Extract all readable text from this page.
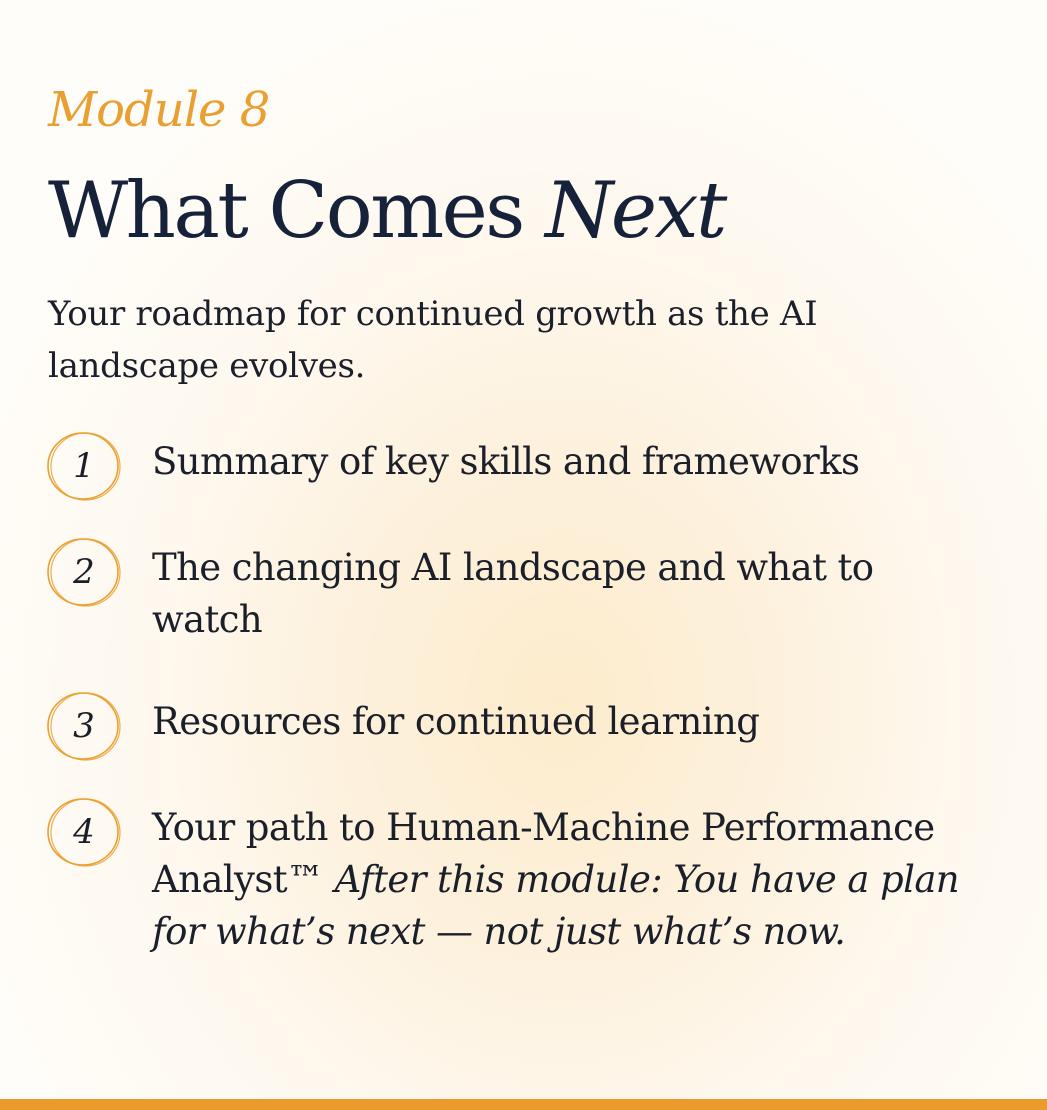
Module 8
What Comes Next

Your roadmap for continued growth as the AI landscape evolves.

1	Summary of key skills and frameworks

2	The changing AI landscape and what to watch

3	Resources for continued learning

4	Your path to Human-Machine Performance Analyst™ After this module: You have a plan for what’s next — not just what’s now.
